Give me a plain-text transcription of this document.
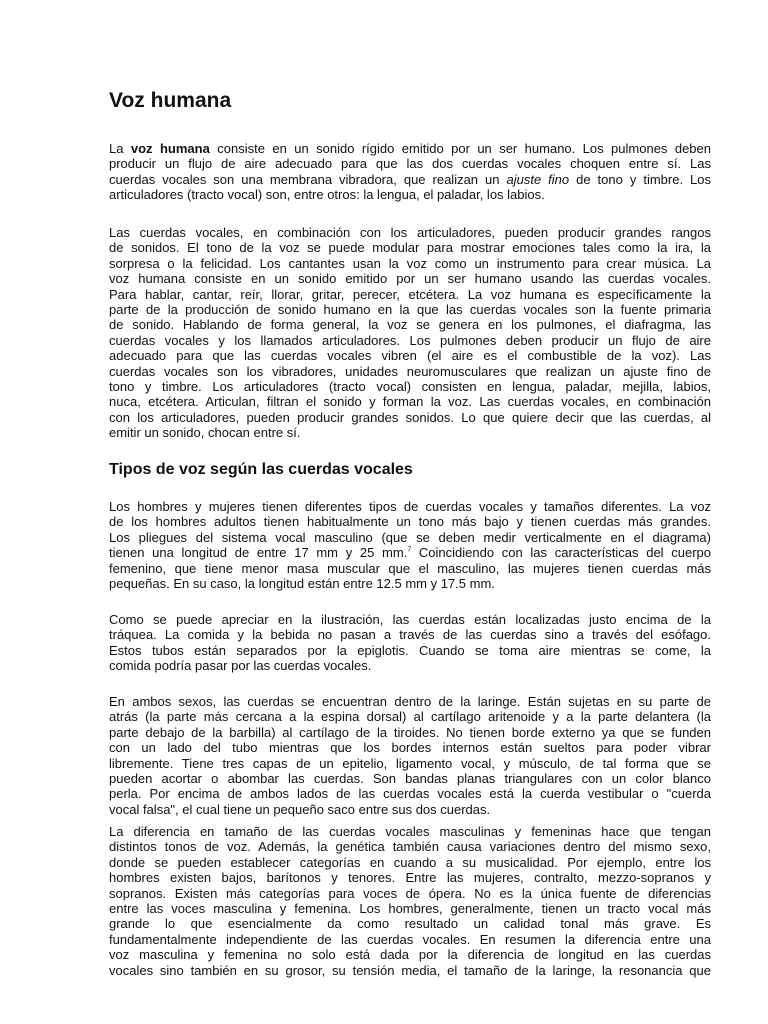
Voz humana
La voz humana consiste en un sonido rígido emitido por un ser humano. Los pulmones deben
producir un flujo de aire adecuado para que las dos cuerdas vocales choquen entre sí. Las
cuerdas vocales son una membrana vibradora, que realizan un ajuste fino de tono y timbre. Los
articuladores (tracto vocal) son, entre otros: la lengua, el paladar, los labios.
Las cuerdas vocales, en combinación con los articuladores, pueden producir grandes rangos
de sonidos. El tono de la voz se puede modular para mostrar emociones tales como la ira, la
sorpresa o la felicidad. Los cantantes usan la voz como un instrumento para crear música. La
voz humana consiste en un sonido emitido por un ser humano usando las cuerdas vocales.
Para hablar, cantar, reír, llorar, gritar, perecer, etcétera. La voz humana es específicamente la
parte de la producción de sonido humano en la que las cuerdas vocales son la fuente primaria
de sonido. Hablando de forma general, la voz se genera en los pulmones, el diafragma, las
cuerdas vocales y los llamados articuladores. Los pulmones deben producir un flujo de aire
adecuado para que las cuerdas vocales vibren (el aire es el combustible de la voz). Las
cuerdas vocales son los vibradores, unidades neuromusculares que realizan un ajuste fino de
tono y timbre. Los articuladores (tracto vocal) consisten en lengua, paladar, mejilla, labios,
nuca, etcétera. Articulan, filtran el sonido y forman la voz. Las cuerdas vocales, en combinación
con los articuladores, pueden producir grandes sonidos. Lo que quiere decir que las cuerdas, al
emitir un sonido, chocan entre sí.
Tipos de voz según las cuerdas vocales
Los hombres y mujeres tienen diferentes tipos de cuerdas vocales y tamaños diferentes. La voz
de los hombres adultos tienen habitualmente un tono más bajo y tienen cuerdas más grandes.
Los pliegues del sistema vocal masculino (que se deben medir verticalmente en el diagrama)
tienen una longitud de entre 17 mm y 25 mm.$^7$ Coincidiendo con las características del cuerpo
femenino, que tiene menor masa muscular que el masculino, las mujeres tienen cuerdas más
pequeñas. En su caso, la longitud están entre 12.5 mm y 17.5 mm.
Como se puede apreciar en la ilustración, las cuerdas están localizadas justo encima de la
tráquea. La comida y la bebida no pasan a través de las cuerdas sino a través del esófago.
Estos tubos están separados por la epiglotis. Cuando se toma aire mientras se come, la
comida podría pasar por las cuerdas vocales.
En ambos sexos, las cuerdas se encuentran dentro de la laringe. Están sujetas en su parte de
atrás (la parte más cercana a la espina dorsal) al cartílago aritenoide y a la parte delantera (la
parte debajo de la barbilla) al cartílago de la tiroides. No tienen borde externo ya que se funden
con un lado del tubo mientras que los bordes internos están sueltos para poder vibrar
libremente. Tiene tres capas de un epitelio, ligamento vocal, y músculo, de tal forma que se
pueden acortar o abombar las cuerdas. Son bandas planas triangulares con un color blanco
perla. Por encima de ambos lados de las cuerdas vocales está la cuerda vestibular o "cuerda
vocal falsa", el cual tiene un pequeño saco entre sus dos cuerdas.
La diferencia en tamaño de las cuerdas vocales masculinas y femeninas hace que tengan
distintos tonos de voz. Además, la genética también causa variaciones dentro del mismo sexo,
donde se pueden establecer categorías en cuando a su musicalidad. Por ejemplo, entre los
hombres existen bajos, barítonos y tenores. Entre las mujeres, contralto, mezzo-sopranos y
sopranos. Existen más categorías para voces de ópera. No es la única fuente de diferencias
entre las voces masculina y femenina. Los hombres, generalmente, tienen un tracto vocal más
grande lo que esencialmente da como resultado un calidad tonal más grave. Es
fundamentalmente independiente de las cuerdas vocales. En resumen la diferencia entre una
voz masculina y femenina no solo está dada por la diferencia de longitud en las cuerdas
vocales sino también en su grosor, su tensión media, el tamaño de la laringe, la resonancia que
